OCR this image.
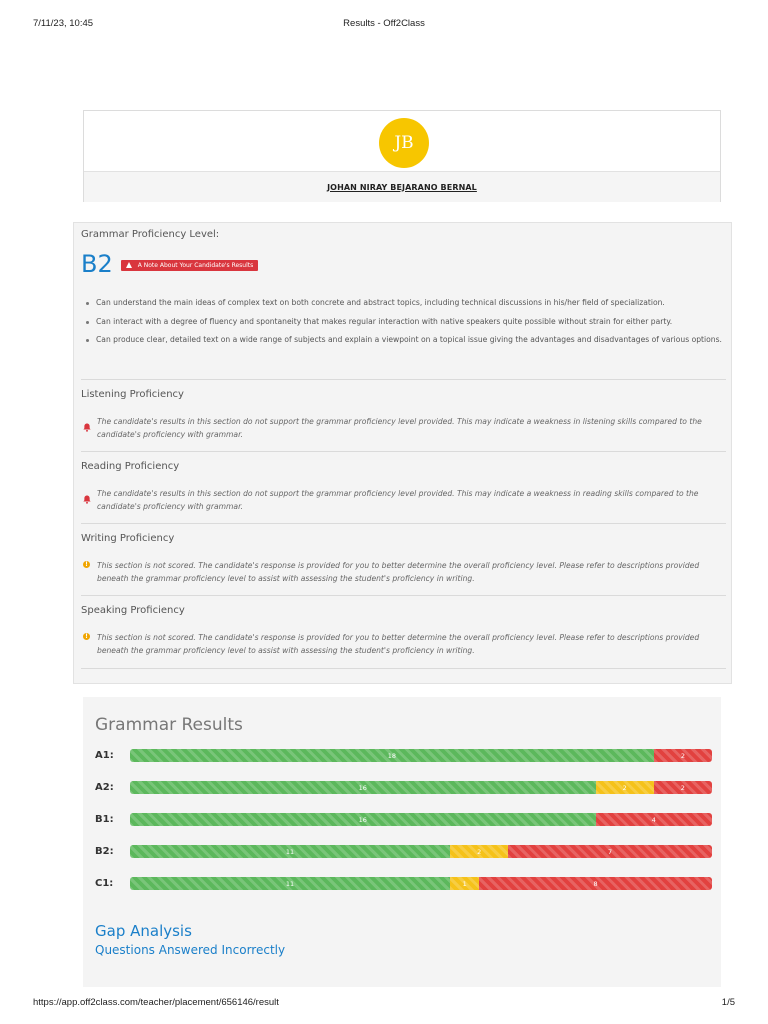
7/11/23, 10:45	Results - Off2Class
JB
JOHAN NIRAY BEJARANO BERNAL
Grammar Proficiency Level:
B2	A Note About Your Candidate's Results
Can understand the main ideas of complex text on both concrete and abstract topics, including technical discussions in his/her field of specialization.
Can interact with a degree of fluency and spontaneity that makes regular interaction with native speakers quite possible without strain for either party.
Can produce clear, detailed text on a wide range of subjects and explain a viewpoint on a topical issue giving the advantages and disadvantages of various options.
Listening Proficiency
The candidate's results in this section do not support the grammar proficiency level provided. This may indicate a weakness in listening skills compared to the candidate's proficiency with grammar.
Reading Proficiency
The candidate's results in this section do not support the grammar proficiency level provided. This may indicate a weakness in reading skills compared to the candidate's proficiency with grammar.
Writing Proficiency
! This section is not scored. The candidate's response is provided for you to better determine the overall proficiency level. Please refer to descriptions provided beneath the grammar proficiency level to assist with assessing the student's proficiency in writing.
Speaking Proficiency
! This section is not scored. The candidate's response is provided for you to better determine the overall proficiency level. Please refer to descriptions provided beneath the grammar proficiency level to assist with assessing the student's proficiency in writing.
Grammar Results
A1:	18	2
A2:	16	2	2
B1:	16	4
B2:	11	2	7
C1:	11	1	8
Gap Analysis
Questions Answered Incorrectly
https://app.off2class.com/teacher/placement/656146/result	1/5
